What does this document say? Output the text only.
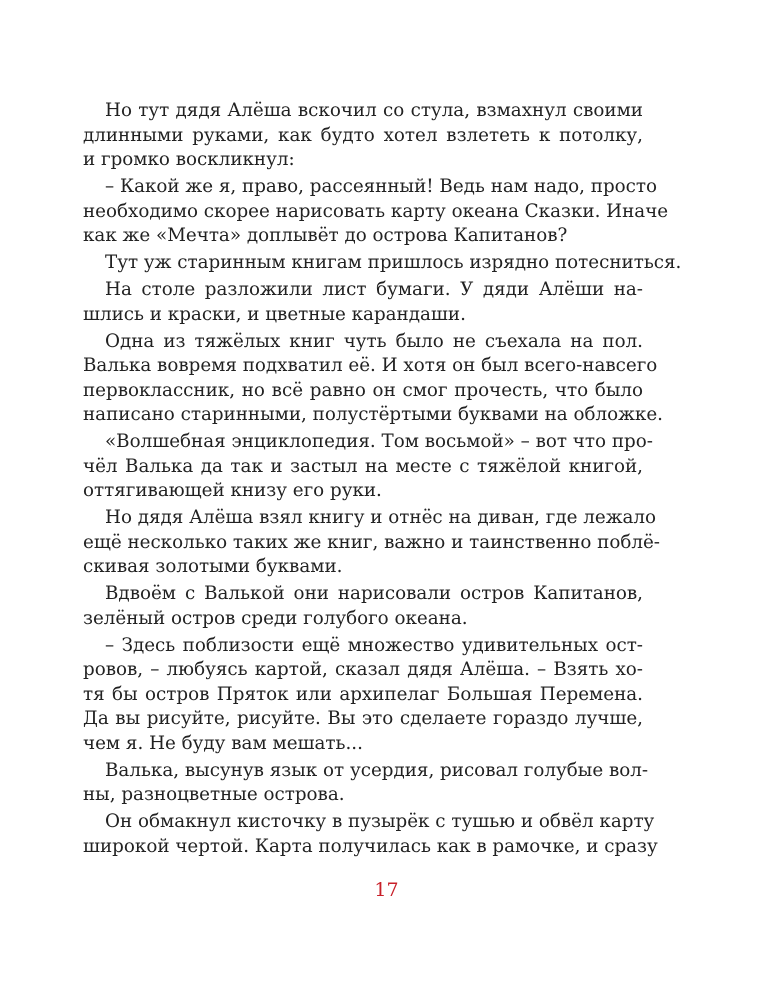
Но тут дядя Алёша вскочил со стула, взмахнул своими
длинными руками, как будто хотел взлететь к потолку,
и громко воскликнул:
– Какой же я, право, рассеянный! Ведь нам надо, просто
необходимо скорее нарисовать карту океана Сказки. Иначе
как же «Мечта» доплывёт до острова Капитанов?
Тут уж старинным книгам пришлось изрядно потесниться.
На столе разложили лист бумаги. У дяди Алёши на-
шлись и краски, и цветные карандаши.
Одна из тяжёлых книг чуть было не съехала на пол.
Валька вовремя подхватил её. И хотя он был всего-навсего
первоклассник, но всё равно он смог прочесть, что было
написано старинными, полустёртыми буквами на обложке.
«Волшебная энциклопедия. Том восьмой» – вот что про-
чёл Валька да так и застыл на месте с тяжёлой книгой,
оттягивающей книзу его руки.
Но дядя Алёша взял книгу и отнёс на диван, где лежало
ещё несколько таких же книг, важно и таинственно поблё-
скивая золотыми буквами.
Вдвоём с Валькой они нарисовали остров Капитанов,
зелёный остров среди голубого океана.
– Здесь поблизости ещё множество удивительных ост-
ровов, – любуясь картой, сказал дядя Алёша. – Взять хо-
тя бы остров Пряток или архипелаг Большая Перемена.
Да вы рисуйте, рисуйте. Вы это сделаете гораздо лучше,
чем я. Не буду вам мешать...
Валька, высунув язык от усердия, рисовал голубые вол-
ны, разноцветные острова.
Он обмакнул кисточку в пузырёк с тушью и обвёл карту
широкой чертой. Карта получилась как в рамочке, и сразу
17
